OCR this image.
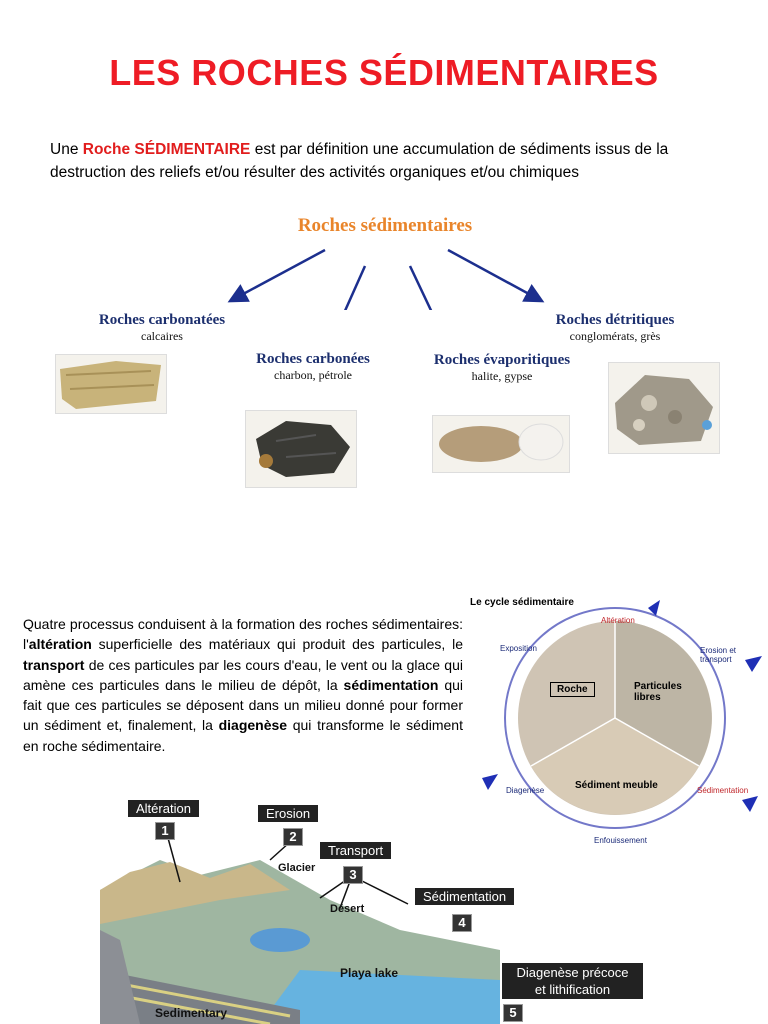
LES ROCHES SÉDIMENTAIRES
Une Roche SÉDIMENTAIRE est par définition une accumulation de sédiments issus de la destruction des reliefs et/ou résulter des activités organiques et/ou chimiques
Roches sédimentaires
Roches carbonatées
calcaires
Roches carbonées
charbon, pétrole
Roches évaporitiques
halite, gypse
Roches détritiques
conglomérats, grès
Quatre processus conduisent à la formation des roches sédimentaires: l'altération superficielle des matériaux qui produit des particules, le transport de ces particules par les cours d'eau, le vent ou la glace qui amène ces particules dans le milieu de dépôt, la sédimentation qui fait que ces particules se déposent dans un milieu donné pour former un sédiment et, finalement, la diagenèse qui transforme le sédiment en roche sédimentaire.
Le cycle sédimentaire
Altération
Exposition	Erosion et transport
Roche	Particules libres
Sédiment meuble
Diagenèse	Sédimentation
Enfouissement
Altération	Erosion
Transport
Sédimentation
Diagenèse précoce et lithification
1	2
3
4
5
Glacier
Désert
Playa lake
Sedimentary
